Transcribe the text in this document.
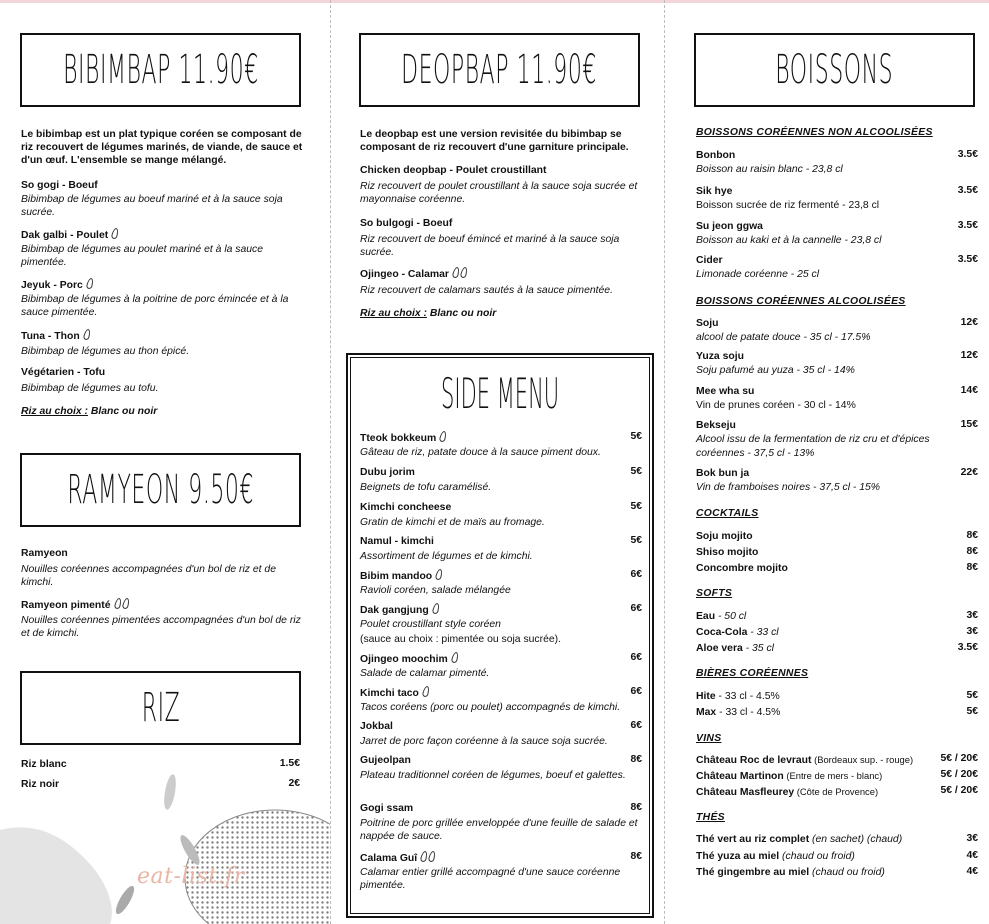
BIBIMBAP 11.90€
Le bibimbap est un plat typique coréen se composant de riz recouvert de légumes marinés, de viande, de sauce et d'un œuf. L'ensemble se mange mélangé.
So gogi - Boeuf
Bibimbap de légumes au boeuf mariné et à la sauce soja sucrée.
Dak galbi - Poulet
Bibimbap de légumes au poulet mariné et à la sauce pimentée.
Jeyuk - Porc
Bibimbap de légumes à la poitrine de porc émincée et à la sauce pimentée.
Tuna - Thon
Bibimbap de légumes au thon épicé.
Végétarien - Tofu
Bibimbap de légumes au tofu.
Riz au choix : Blanc ou noir
RAMYEON 9.50€
Ramyeon
Nouilles coréennes accompagnées d'un bol de riz et de kimchi.
Ramyeon pimenté
Nouilles coréennes pimentées accompagnées d'un bol de riz et de kimchi.
RIZ
Riz blanc	1.5€
Riz noir	2€
eat-list.fr
DEOPBAP 11.90€
Le deopbap est une version revisitée du bibimbap se composant de riz recouvert d'une garniture principale.
Chicken deopbap - Poulet croustillant
Riz recouvert de poulet croustillant à la sauce soja sucrée et mayonnaise coréenne.
So bulgogi - Boeuf
Riz recouvert de boeuf émincé et mariné à la sauce soja sucrée.
Ojingeo - Calamar
Riz recouvert de calamars sautés à la sauce pimentée.
Riz au choix : Blanc ou noir
SIDE MENU
Tteok bokkeum	5€
Gâteau de riz, patate douce à la sauce piment doux.
Dubu jorim	5€
Beignets de tofu caramélisé.
Kimchi concheese	5€
Gratin de kimchi et de maïs au fromage.
Namul - kimchi	5€
Assortiment de légumes et de kimchi.
Bibim mandoo	6€
Ravioli coréen, salade mélangée
Dak gangjung	6€
Poulet croustillant style coréen
(sauce au choix : pimentée ou soja sucrée).
Ojingeo moochim	6€
Salade de calamar pimenté.
Kimchi taco	6€
Tacos coréens (porc ou poulet) accompagnés de kimchi.
Jokbal	6€
Jarret de porc façon coréenne à la sauce soja sucrée.
Gujeolpan	8€
Plateau traditionnel coréen de légumes, boeuf et galettes.
Gogi ssam	8€
Poitrine de porc grillée enveloppée d'une feuille de salade et nappée de sauce.
Calama Guî	8€
Calamar entier grillé accompagné d'une sauce coréenne pimentée.
BOISSONS
BOISSONS CORÉENNES NON ALCOOLISÉES
Bonbon	3.5€
Boisson au raisin blanc - 23,8 cl
Sik hye	3.5€
Boisson sucrée de riz fermenté - 23,8 cl
Su jeon ggwa	3.5€
Boisson au kaki et à la cannelle - 23,8 cl
Cider	3.5€
Limonade coréenne - 25 cl
BOISSONS CORÉENNES ALCOOLISÉES
Soju	12€
alcool de patate douce - 35 cl - 17.5%
Yuza soju	12€
Soju pafumé au yuza - 35 cl - 14%
Mee wha su	14€
Vin de prunes coréen - 30 cl - 14%
Bekseju	15€
Alcool issu de la fermentation de riz cru et d'épices
coréennes - 37,5 cl - 13%
Bok bun ja	22€
Vin de framboises noires - 37,5 cl - 15%
COCKTAILS
Soju mojito	8€
Shiso mojito	8€
Concombre mojito	8€
SOFTS
Eau - 50 cl	3€
Coca-Cola - 33 cl	3€
Aloe vera - 35 cl	3.5€
BIÈRES CORÉENNES
Hite - 33 cl - 4.5%	5€
Max - 33 cl - 4.5%	5€
VINS
Château Roc de levraut (Bordeaux sup. - rouge)	5€ / 20€
Château Martinon (Entre de mers - blanc)	5€ / 20€
Château Masfleurey (Côte de Provence)	5€ / 20€
THÉS
Thé vert au riz complet (en sachet) (chaud)	3€
Thé yuza au miel (chaud ou froid)	4€
Thé gingembre au miel (chaud ou froid)	4€
